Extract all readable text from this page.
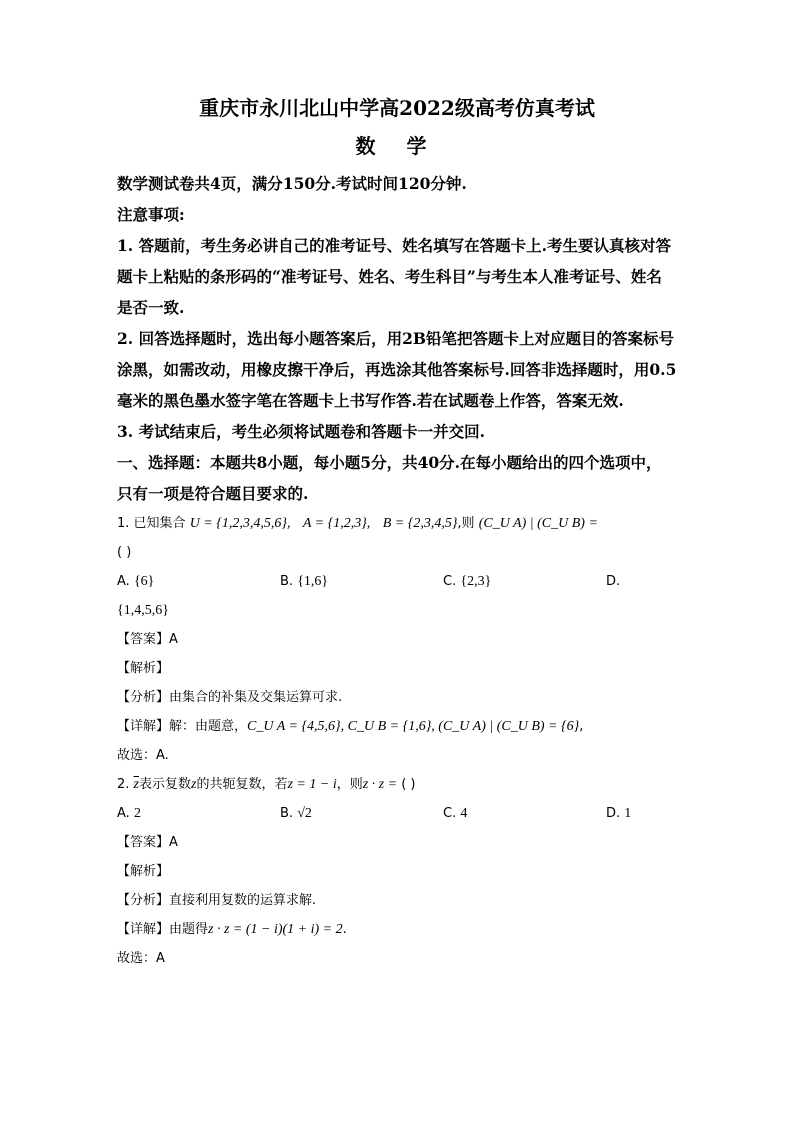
重庆市永川北山中学高2022级高考仿真考试

数 学

数学测试卷共4页，满分150分.考试时间120分钟.

注意事项:

1. 答题前，考生务必讲自己的准考证号、姓名填写在答题卡上.考生要认真核对答题卡上粘贴的条形码的“准考证号、姓名、考生科目”与考生本人准考证号、姓名是否一致.

2. 回答选择题时，选出每小题答案后，用2B铅笔把答题卡上对应题目的答案标号涂黑，如需改动，用橡皮擦干净后，再选涂其他答案标号.回答非选择题时，用0.5毫米的黑色墨水签字笔在答题卡上书写作答.若在试题卷上作答，答案无效.

3. 考试结束后，考生必须将试题卷和答题卡一并交回.

一、选择题：本题共8小题，每小题5分，共40分.在每小题给出的四个选项中，只有一项是符合题目要求的.

1. 已知集合 U = {1,2,3,4,5,6}, A = {1,2,3}, B = {2,3,4,5},则 (C_U A) | (C_U B) =
( )

A. {6}	B. {1,6}	C. {2,3}	D.

{1,4,5,6}

【答案】A

【解析】

【分析】由集合的补集及交集运算可求.

【详解】解：由题意，C_U A = {4,5,6}, C_U B = {1,6}, (C_U A) | (C_U B) = {6},

故选：A.

2. $\overline{z}$表示复数z的共轭复数，若z = 1 − i，则z · z = ( )

A. 2	B. √2	C. 4	D. 1

【答案】A

【解析】

【分析】直接利用复数的运算求解.

【详解】由题得z · z = (1 − i)(1 + i) = 2.

故选：A
